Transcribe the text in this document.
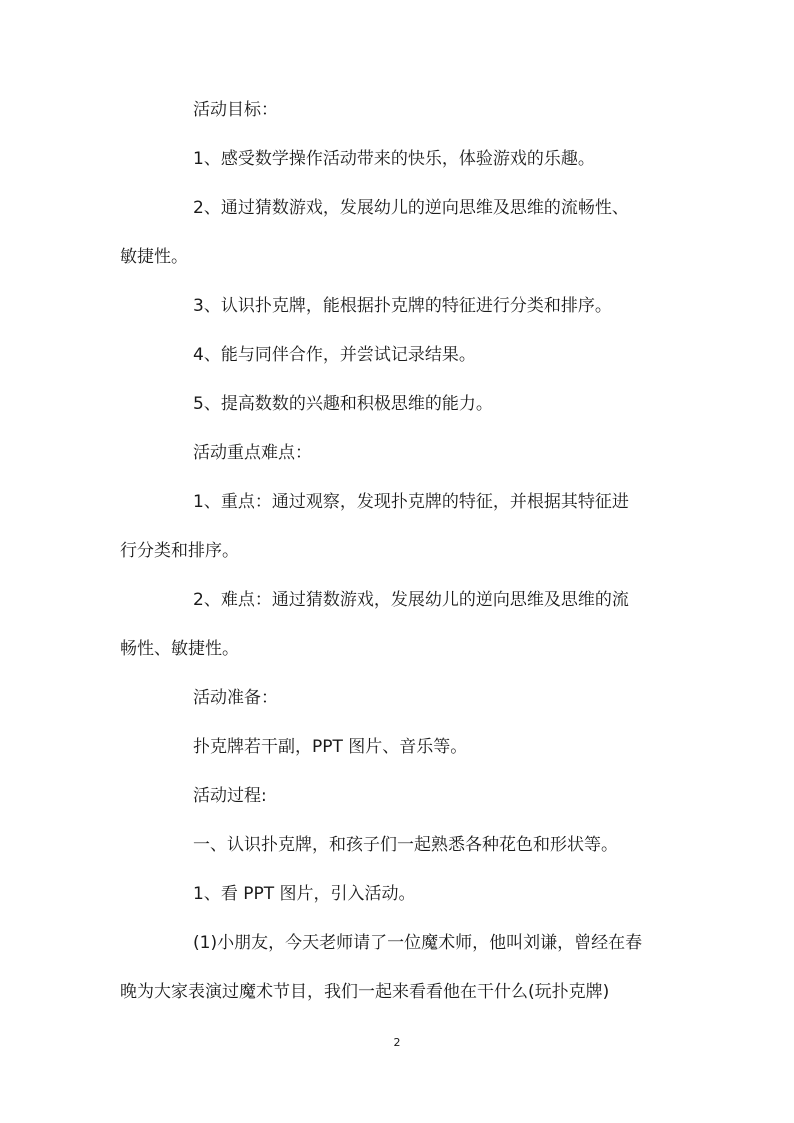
活动目标：
1、感受数学操作活动带来的快乐，体验游戏的乐趣。
2、通过猜数游戏，发展幼儿的逆向思维及思维的流畅性、
敏捷性。
3、认识扑克牌，能根据扑克牌的特征进行分类和排序。
4、能与同伴合作，并尝试记录结果。
5、提高数数的兴趣和积极思维的能力。
活动重点难点：
1、重点：通过观察，发现扑克牌的特征，并根据其特征进
行分类和排序。
2、难点：通过猜数游戏，发展幼儿的逆向思维及思维的流
畅性、敏捷性。
活动准备：
扑克牌若干副，PPT 图片、音乐等。
活动过程:
一、认识扑克牌，和孩子们一起熟悉各种花色和形状等。
1、看 PPT 图片，引入活动。
(1)小朋友，今天老师请了一位魔术师，他叫刘谦，曾经在春
晚为大家表演过魔术节目，我们一起来看看他在干什么(玩扑克牌)
2
